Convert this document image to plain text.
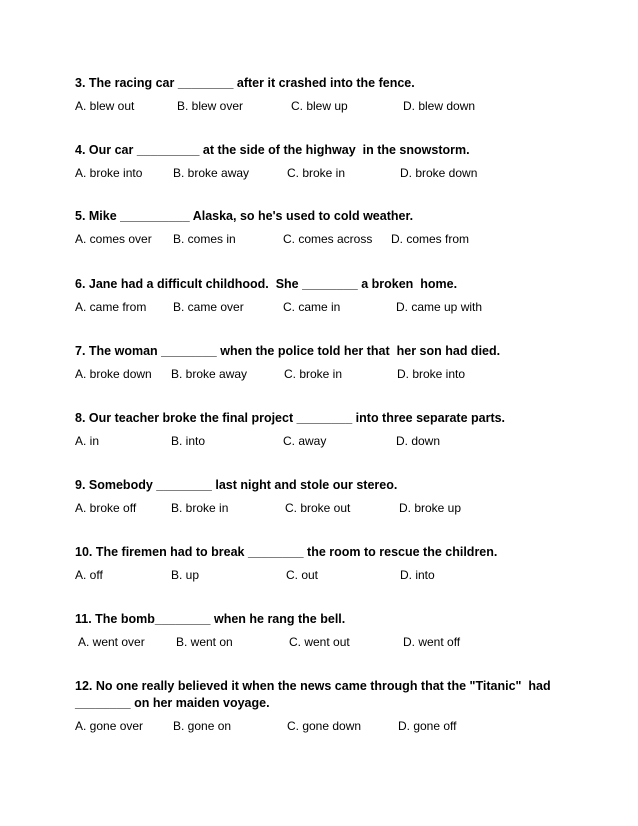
3. The racing car ________ after it crashed into the fence.

A. blew out	B. blew over	C. blew up	D. blew down

4. Our car _________ at the side of the highway  in the snowstorm.

A. broke into	B. broke away	C. broke in	D. broke down

5. Mike __________ Alaska, so he's used to cold weather.

A. comes over B. comes in	C. comes across D. comes from

6. Jane had a difficult childhood.  She ________ a broken  home.

A. came from B. came over	C. came in	D. came up with

7. The woman ________ when the police told her that  her son had died.

A. broke down B. broke away	C. broke in	D. broke into

8. Our teacher broke the final project ________ into three separate parts.

A. in	B. into	C. away	D. down

9. Somebody ________ last night and stole our stereo.

A. broke off	B. broke in	C. broke out	D. broke up

10. The firemen had to break ________ the room to rescue the children.

A. off	B. up	C. out	D. into

11. The bomb________ when he rang the bell.

A. went over	B. went on	C. went out	D. went off

12. No one really believed it when the news came through that the "Titanic"  had ________ on her maiden voyage.

A. gone over B. gone on	C. gone down	D. gone off
